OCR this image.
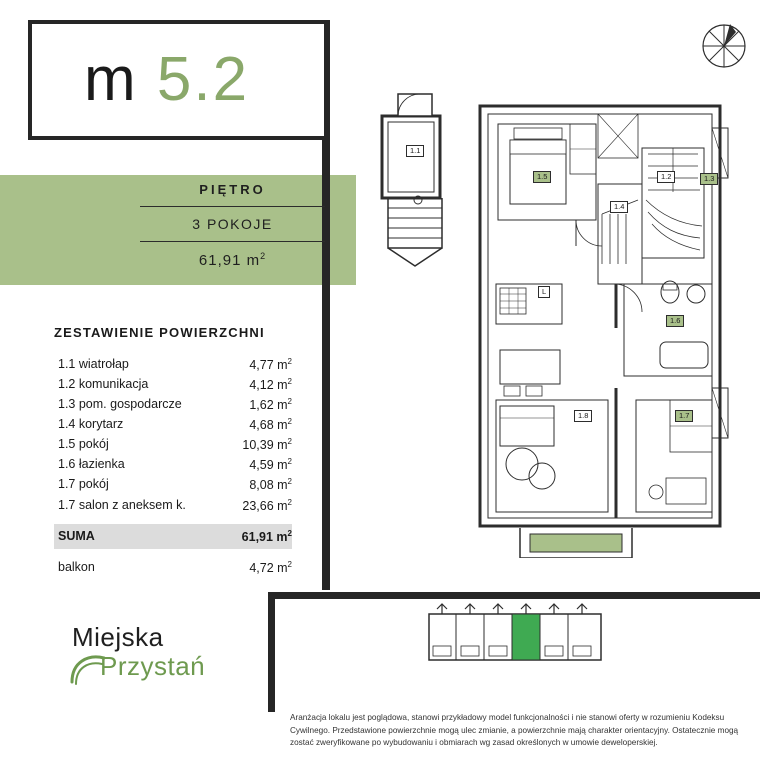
m 5.2
PIĘTRO
3 POKOJE
61,91 $m^2$
ZESTAWIENIE POWIERZCHNI
1.1 wiatrołap	4,77 $m^2$
1.2 komunikacja	4,12 $m^2$
1.3 pom. gospodarcze	1,62 $m^2$
1.4 korytarz	4,68 $m^2$
1.5 pokój	10,39 $m^2$
1.6 łazienka	4,59 $m^2$
1.7 pokój	8,08 $m^2$
1.7 salon z aneksem k.	23,66 $m^2$

SUMA	61,91 $m^2$
balkon	4,72 $m^2$
Miejska
Przystań
1.1
1.5	1.2	1.3
1.4
1.6
1.8	1.7
L
Aranżacja lokalu jest poglądowa, stanowi przykładowy model funkcjonalności i nie stanowi oferty w rozumieniu Kodeksu Cywilnego. Przedstawione powierzchnie mogą ulec zmianie, a powierzchnie mają charakter orientacyjny. Ostatecznie mogą zostać zweryfikowane po wybudowaniu i obmiarach wg zasad określonych w umowie deweloperskiej.
